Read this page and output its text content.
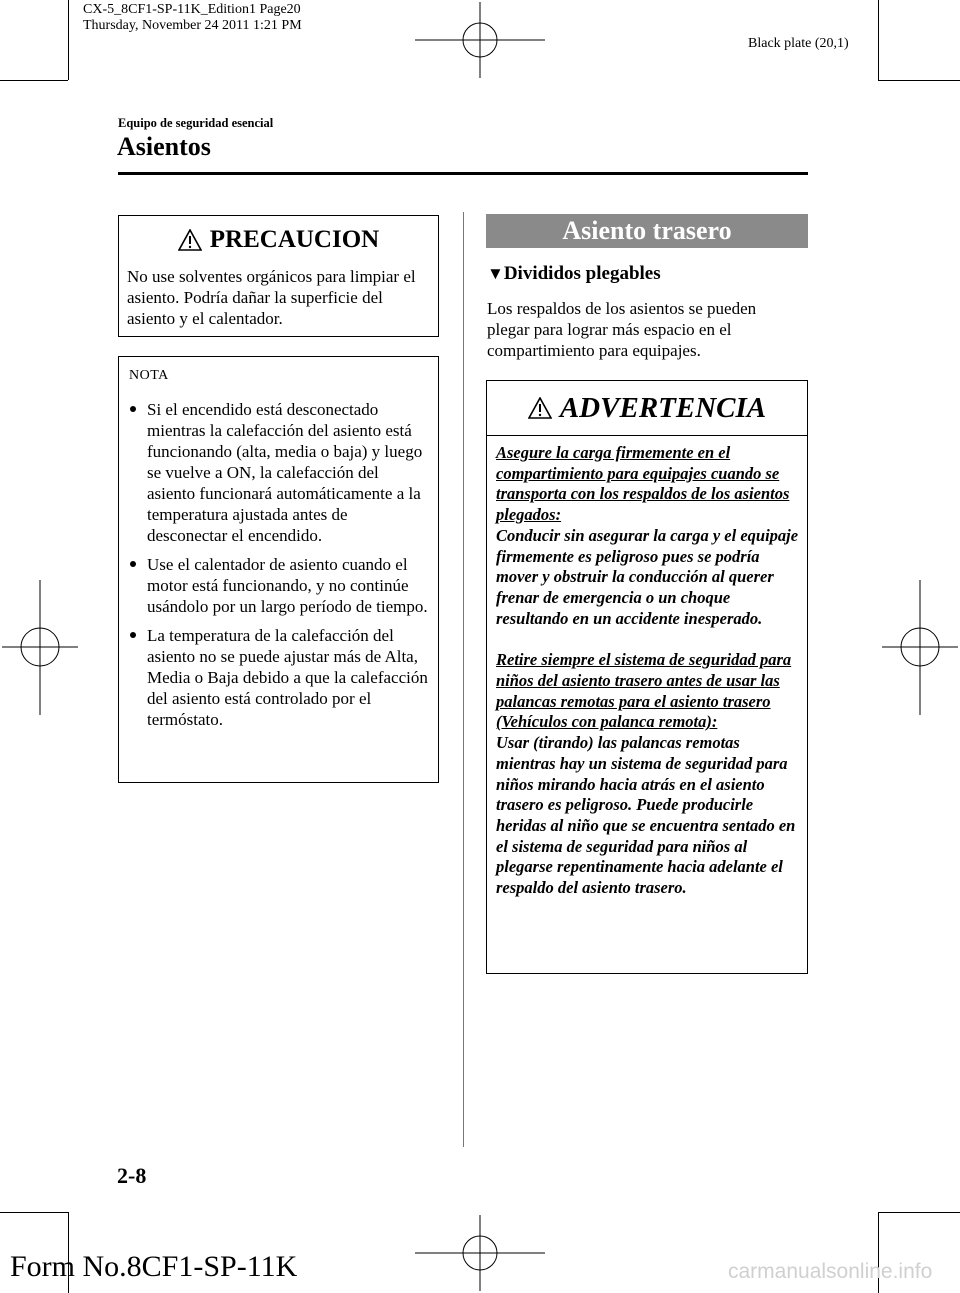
CX-5_8CF1-SP-11K_Edition1 Page20
Thursday, November 24 2011 1:21 PM
Black plate (20,1)
Equipo de seguridad esencial
Asientos
PRECAUCION
No use solventes orgánicos para limpiar el asiento. Podría dañar la superficie del asiento y el calentador.
NOTA
Si el encendido está desconectado mientras la calefacción del asiento está funcionando (alta, media o baja) y luego se vuelve a ON, la calefacción del asiento funcionará automáticamente a la temperatura ajustada antes de desconectar el encendido.
Use el calentador de asiento cuando el motor está funcionando, y no continúe usándolo por un largo período de tiempo.
La temperatura de la calefacción del asiento no se puede ajustar más de Alta, Media o Baja debido a que la calefacción del asiento está controlado por el termóstato.
Asiento trasero
▼Divididos plegables
Los respaldos de los asientos se pueden plegar para lograr más espacio en el compartimiento para equipajes.
ADVERTENCIA
Asegure la carga firmemente en el compartimiento para equipajes cuando se transporta con los respaldos de los asientos plegados:
Conducir sin asegurar la carga y el equipaje firmemente es peligroso pues se podría mover y obstruir la conducción al querer frenar de emergencia o un choque resultando en un accidente inesperado.
Retire siempre el sistema de seguridad para niños del asiento trasero antes de usar las palancas remotas para el asiento trasero (Vehículos con palanca remota):
Usar (tirando) las palancas remotas mientras hay un sistema de seguridad para niños mirando hacia atrás en el asiento trasero es peligroso. Puede producirle heridas al niño que se encuentra sentado en el sistema de seguridad para niños al plegarse repentinamente hacia adelante el respaldo del asiento trasero.
2-8
Form No.8CF1-SP-11K	carmanualsonline.info
